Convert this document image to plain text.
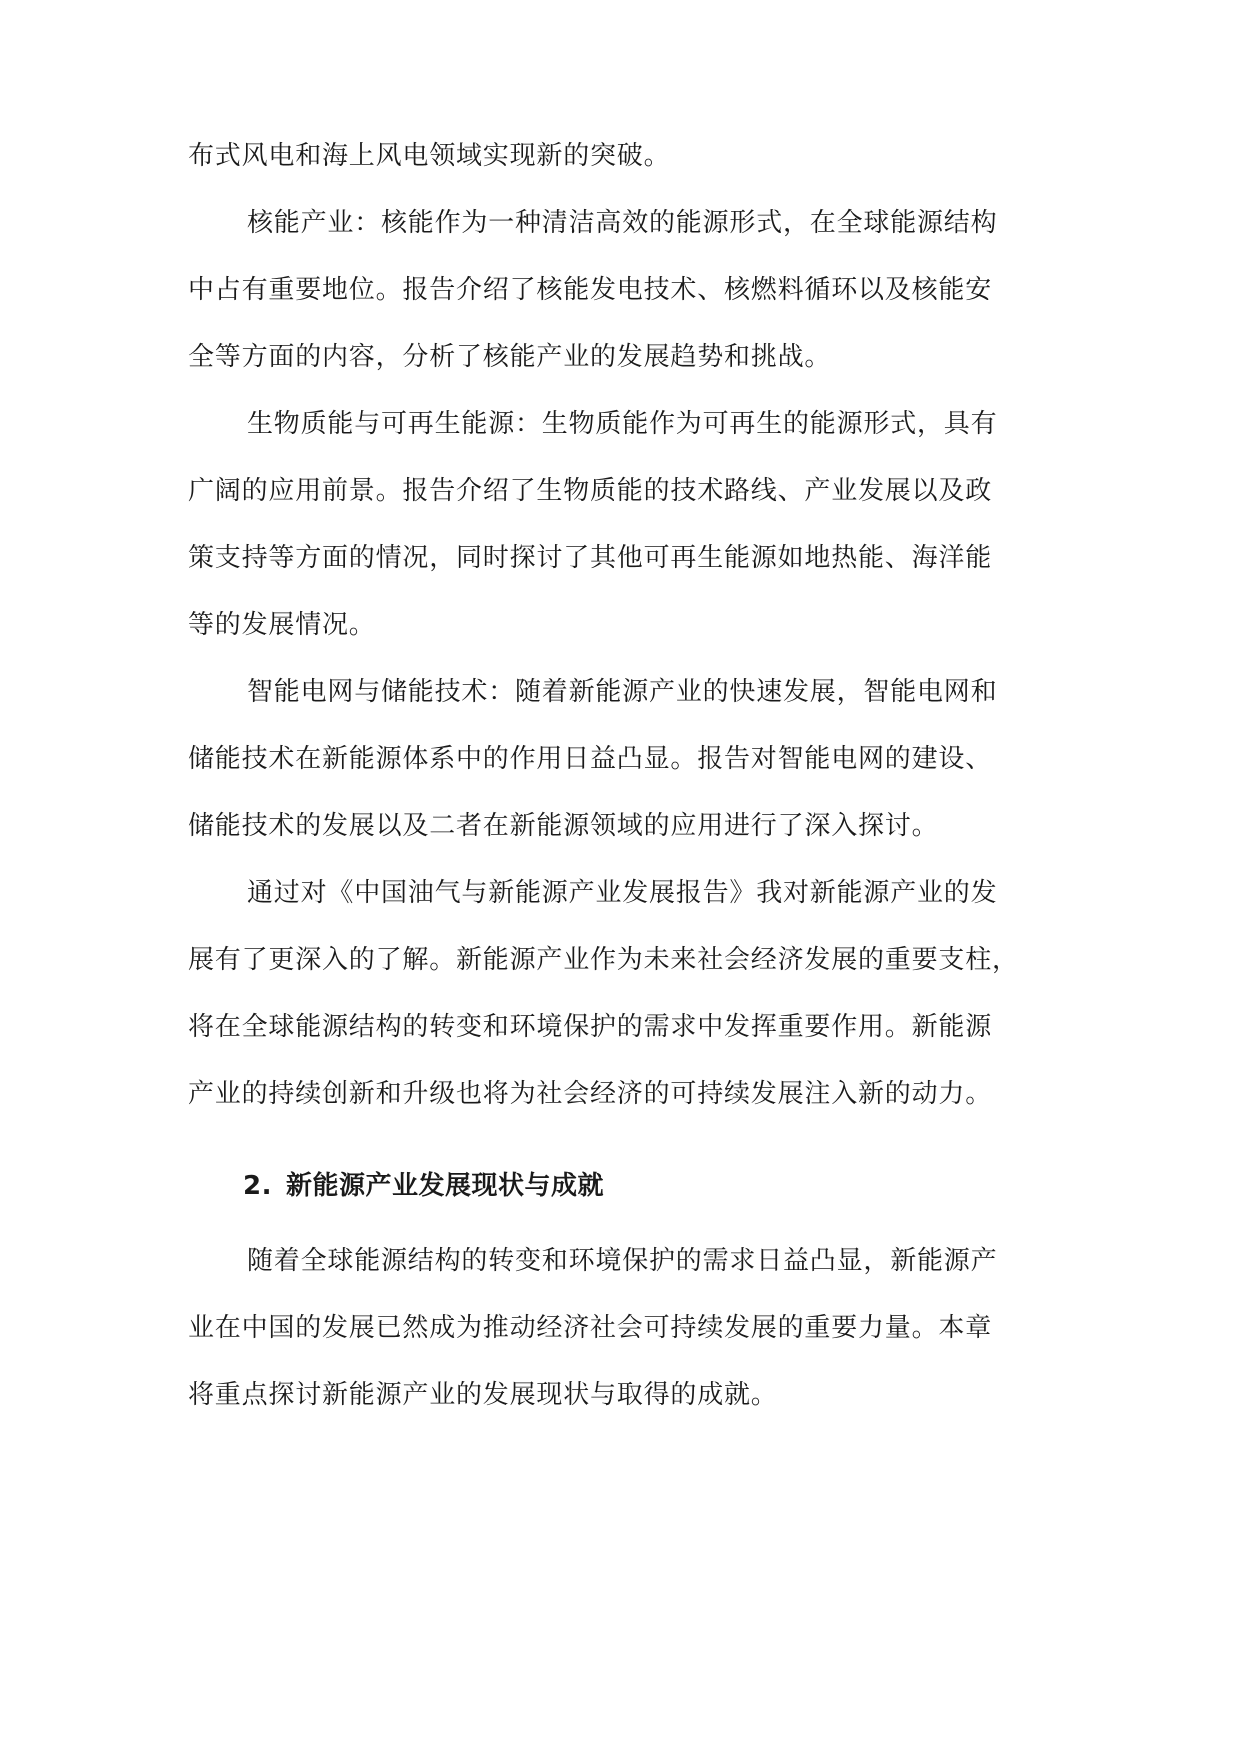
布式风电和海上风电领域实现新的突破。
核能产业：核能作为一种清洁高效的能源形式，在全球能源结构
中占有重要地位。报告介绍了核能发电技术、核燃料循环以及核能安
全等方面的内容，分析了核能产业的发展趋势和挑战。
生物质能与可再生能源：生物质能作为可再生的能源形式，具有
广阔的应用前景。报告介绍了生物质能的技术路线、产业发展以及政
策支持等方面的情况，同时探讨了其他可再生能源如地热能、海洋能
等的发展情况。
智能电网与储能技术：随着新能源产业的快速发展，智能电网和
储能技术在新能源体系中的作用日益凸显。报告对智能电网的建设、
储能技术的发展以及二者在新能源领域的应用进行了深入探讨。
通过对《中国油气与新能源产业发展报告》我对新能源产业的发
展有了更深入的了解。新能源产业作为未来社会经济发展的重要支柱，
将在全球能源结构的转变和环境保护的需求中发挥重要作用。新能源
产业的持续创新和升级也将为社会经济的可持续发展注入新的动力。
2. 新能源产业发展现状与成就
随着全球能源结构的转变和环境保护的需求日益凸显，新能源产
业在中国的发展已然成为推动经济社会可持续发展的重要力量。本章
将重点探讨新能源产业的发展现状与取得的成就。
